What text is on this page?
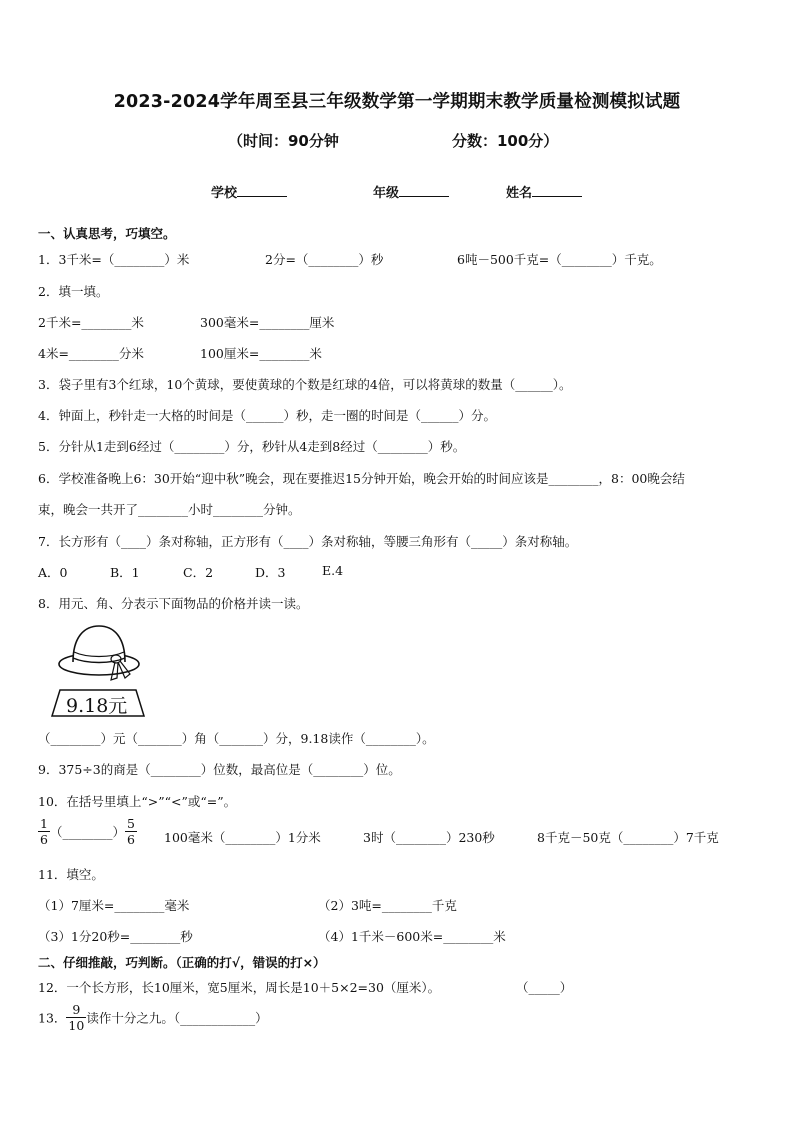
2023-2024学年周至县三年级数学第一学期期末教学质量检测模拟试题
（时间：90分钟	分数：100分）
学校	年级	姓名
一、认真思考，巧填空。
1．3千米=（________）米	2分=（________）秒	6吨－500千克=（________）千克。
2．填一填。
2千米=________米	300毫米=________厘米
4米=________分米	100厘米=________米
3．袋子里有3个红球，10个黄球，要使黄球的个数是红球的4倍，可以将黄球的数量（______）。
4．钟面上，秒针走一大格的时间是（______）秒，走一圈的时间是（______）分。
5．分针从1走到6经过（________）分，秒针从4走到8经过（________）秒。
6．学校准备晚上6：30开始“迎中秋”晚会，现在要推迟15分钟开始，晚会开始的时间应该是________，8：00晚会结
束，晚会一共开了________小时________分钟。
7．长方形有（____）条对称轴，正方形有（____）条对称轴，等腰三角形有（_____）条对称轴。
A．0	B．1	C．2	D．3	E.4
8．用元、角、分表示下面物品的价格并读一读。
9.18元
（________）元（_______）角（_______）分，9.18读作（________）。
9．375÷3的商是（________）位数，最高位是（________）位。
10．在括号里填上“>”“<”或“=”。
$\frac{1}{6}$ （________） $\frac{5}{6} 100$毫米（________）1分米	3时（________）230秒	8千克－50克（________）7千克
11．填空。
（1）7厘米=________毫米	（2）3吨=________千克
（3）1分20秒=________秒	（4）1千米－600米=________米
二、仔细推敲，巧判断。（正确的打√，错误的打×）
12．一个长方形，长10厘米，宽5厘米，周长是10＋5×2=30（厘米）。	（_____）
13． $\frac{9}{10}$ 读作十分之九。（____________）
